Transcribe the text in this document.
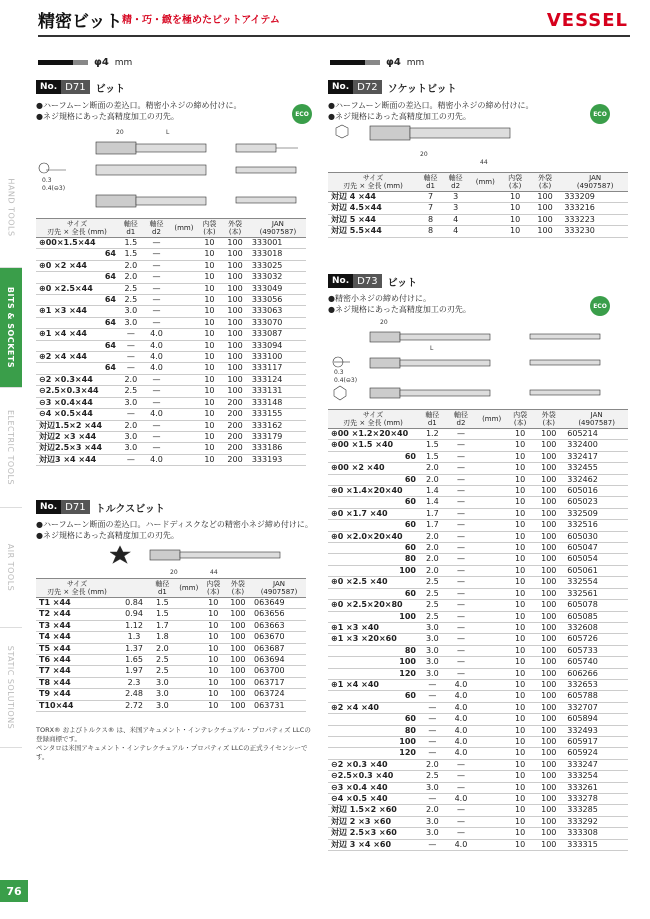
精密ビット 精・巧・緻を極めたビットアイテム	VESSEL
HAND TOOLS
BITS & SOCKETS
ELECTRIC TOOLS
AIR TOOLS
STATIC SOLUTIONS
76
φ4 mm
No. D71	ビット
●ハーフムーン断面の差込口。精密小ネジの締め付けに。
●ネジ規格にあった高精度加工の刃先。	ECO
20	L
0.3
0.4(⊖3)
サイズ
刃先 × 全長 (mm)	軸径
d1	軸径
d2	(mm)	内袋
(本)	外袋
(本)	JAN
(4907587)
⊕00×1.5×44	1.5	—		10	100	333001
64	1.5	—		10	100	333018
⊕0 ×2 ×44	2.0	—		10	100	333025
64	2.0	—		10	100	333032
⊕0 ×2.5×44	2.5	—		10	100	333049
64	2.5	—		10	100	333056
⊕1 ×3 ×44	3.0	—		10	100	333063
64	3.0	—		10	100	333070
⊕1 ×4 ×44	—	4.0		10	100	333087
64	—	4.0		10	100	333094
⊕2 ×4 ×44	—	4.0		10	100	333100
64	—	4.0		10	100	333117
⊖2 ×0.3×44	2.0	—		10	100	333124
⊖2.5×0.3×44	2.5	—		10	100	333131
⊖3 ×0.4×44	3.0	—		10	200	333148
⊖4 ×0.5×44	—	4.0		10	200	333155
対辺1.5×2 ×44	2.0	—		10	200	333162
対辺2 ×3 ×44	3.0	—		10	200	333179
対辺2.5×3 ×44	3.0	—		10	200	333186
対辺3 ×4 ×44	—	4.0		10	200	333193
No. D71	トルクスビット
●ハーフムーン断面の差込口。ハードディスクなどの精密小ネジ締め付けに。
●ネジ規格にあった高精度加工の刃先。
20	44
サイズ
刃先 × 全長 (mm)		軸径
d1	(mm)	内袋
(本)	外袋
(本)	JAN
(4907587)
T1 ×44	0.84	1.5		10	100	063649
T2 ×44	0.94	1.5		10	100	063656
T3 ×44	1.12	1.7		10	100	063663
T4 ×44	1.3	1.8		10	100	063670
T5 ×44	1.37	2.0		10	100	063687
T6 ×44	1.65	2.5		10	100	063694
T7 ×44	1.97	2.5		10	100	063700
T8 ×44	2.3	3.0		10	100	063717
T9 ×44	2.48	3.0		10	100	063724
T10×44	2.72	3.0		10	100	063731
TORX® およびトルクス® は、米国アキュメント・インテレクチュアル・プロパティズ LLCの登録商標です。
ペンタロは米国アキュメント・インテレクチュアル・プロパティズ LLCの正式ライセンシーです。
φ4 mm
No. D72	ソケットビット
●ハーフムーン断面の差込口。精密小ネジの締め付けに。
●ネジ規格にあった高精度加工の刃先。	ECO
20
44
サイズ
刃先 × 全長 (mm)	軸径
d1	軸径
d2	(mm)	内袋
(本)	外袋
(本)	JAN
(4907587)
対辺 4 ×44	7	3		10	100	333209
対辺 4.5×44	7	3		10	100	333216
対辺 5 ×44	8	4		10	100	333223
対辺 5.5×44	8	4		10	100	333230
No. D73	ビット
●精密小ネジの締め付けに。
●ネジ規格にあった高精度加工の刃先。	ECO
20
L
0.3
0.4(⊖3)
サイズ
刃先 × 全長 (mm)	軸径
d1	軸径
d2	(mm)	内袋
(本)	外袋
(本)	JAN
(4907587)
⊕00 ×1.2×20×40	1.2	—		10	100	605214
⊕00 ×1.5 ×40	1.5	—		10	100	332400
60	1.5	—		10	100	332417
⊕00 ×2 ×40	2.0	—		10	100	332455
60	2.0	—		10	100	332462
⊕0 ×1.4×20×40	1.4	—		10	100	605016
60	1.4	—		10	100	605023
⊕0 ×1.7 ×40	1.7	—		10	100	332509
60	1.7	—		10	100	332516
⊕0 ×2.0×20×40	2.0	—		10	100	605030
60	2.0	—		10	100	605047
80	2.0	—		10	100	605054
100	2.0	—		10	100	605061
⊕0 ×2.5 ×40	2.5	—		10	100	332554
60	2.5	—		10	100	332561
⊕0 ×2.5×20×80	2.5	—		10	100	605078
100	2.5	—		10	100	605085
⊕1 ×3 ×40	3.0	—		10	100	332608
⊕1 ×3 ×20×60	3.0	—		10	100	605726
80	3.0	—		10	100	605733
100	3.0	—		10	100	605740
120	3.0	—		10	100	606266
⊕1 ×4 ×40	—	4.0		10	100	332653
60	—	4.0		10	100	605788
⊕2 ×4 ×40	—	4.0		10	100	332707
60	—	4.0		10	100	605894
80	—	4.0		10	100	332493
100	—	4.0		10	100	605917
120	—	4.0		10	100	605924
⊖2 ×0.3 ×40	2.0	—		10	100	333247
⊖2.5×0.3 ×40	2.5	—		10	100	333254
⊖3 ×0.4 ×40	3.0	—		10	100	333261
⊖4 ×0.5 ×40	—	4.0		10	100	333278
対辺 1.5×2 ×60	2.0	—		10	100	333285
対辺 2 ×3 ×60	3.0	—		10	100	333292
対辺 2.5×3 ×60	3.0	—		10	100	333308
対辺 3 ×4 ×60	—	4.0		10	100	333315
